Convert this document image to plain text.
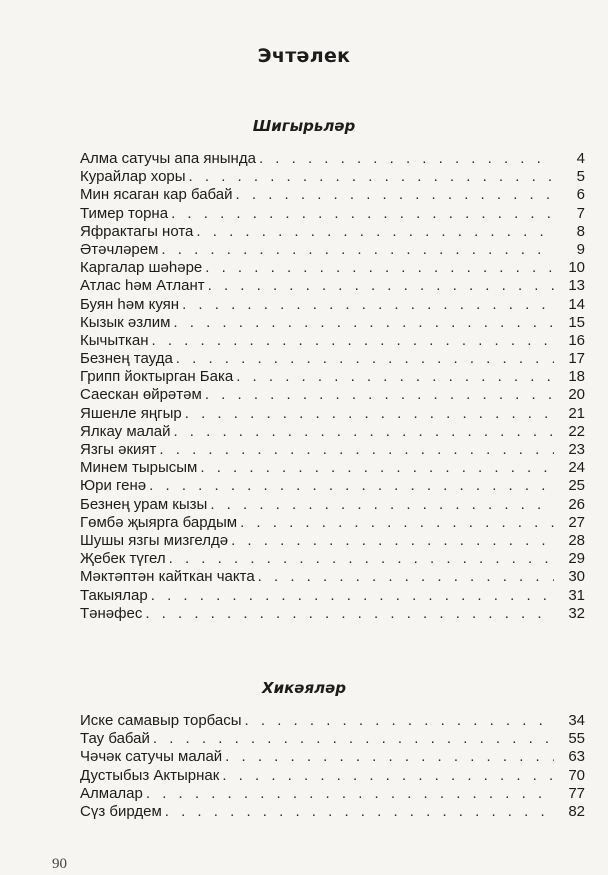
Эчтәлек
Шигырьләр
Алма сатучы апа янында . . .	4
Курайлар хоры . . .	5
Мин ясаган кар бабай . . .	6
Тимер торна . . .	7
Яфрактагы нота . . .	8
Әтәчләрем . . .	9
Каргалар шәһәре . . .	10
Атлас һәм Атлант . . .	13
Буян һәм куян . . .	14
Кызык әзлим . . .	15
Кычыткан . . .	16
Безнең тауда . . .	17
Грипп йоктырган Бака . . .	18
Саескан өйрәтәм . . .	20
Яшенле яңгыр . . .	21
Ялкау малай . . .	22
Язгы әкият . . .	23
Минем тырысым . . .	24
Юри генә . . .	25
Безнең урам кызы . . .	26
Гөмбә җыярга бардым . . .	27
Шушы язгы мизгелдә . . .	28
Җебек түгел . . .	29
Мәктәптән кайткан чакта . . .	30
Такыялар . . .	31
Тәнәфес . . .	32
Хикәяләр
Иске самавыр торбасы . . .	34
Тау бабай . . .	55
Чәчәк сатучы малай . . .	63
Дустыбыз Актырнак . . .	70
Алмалар . . .	77
Сүз бирдем . . .	82
90
